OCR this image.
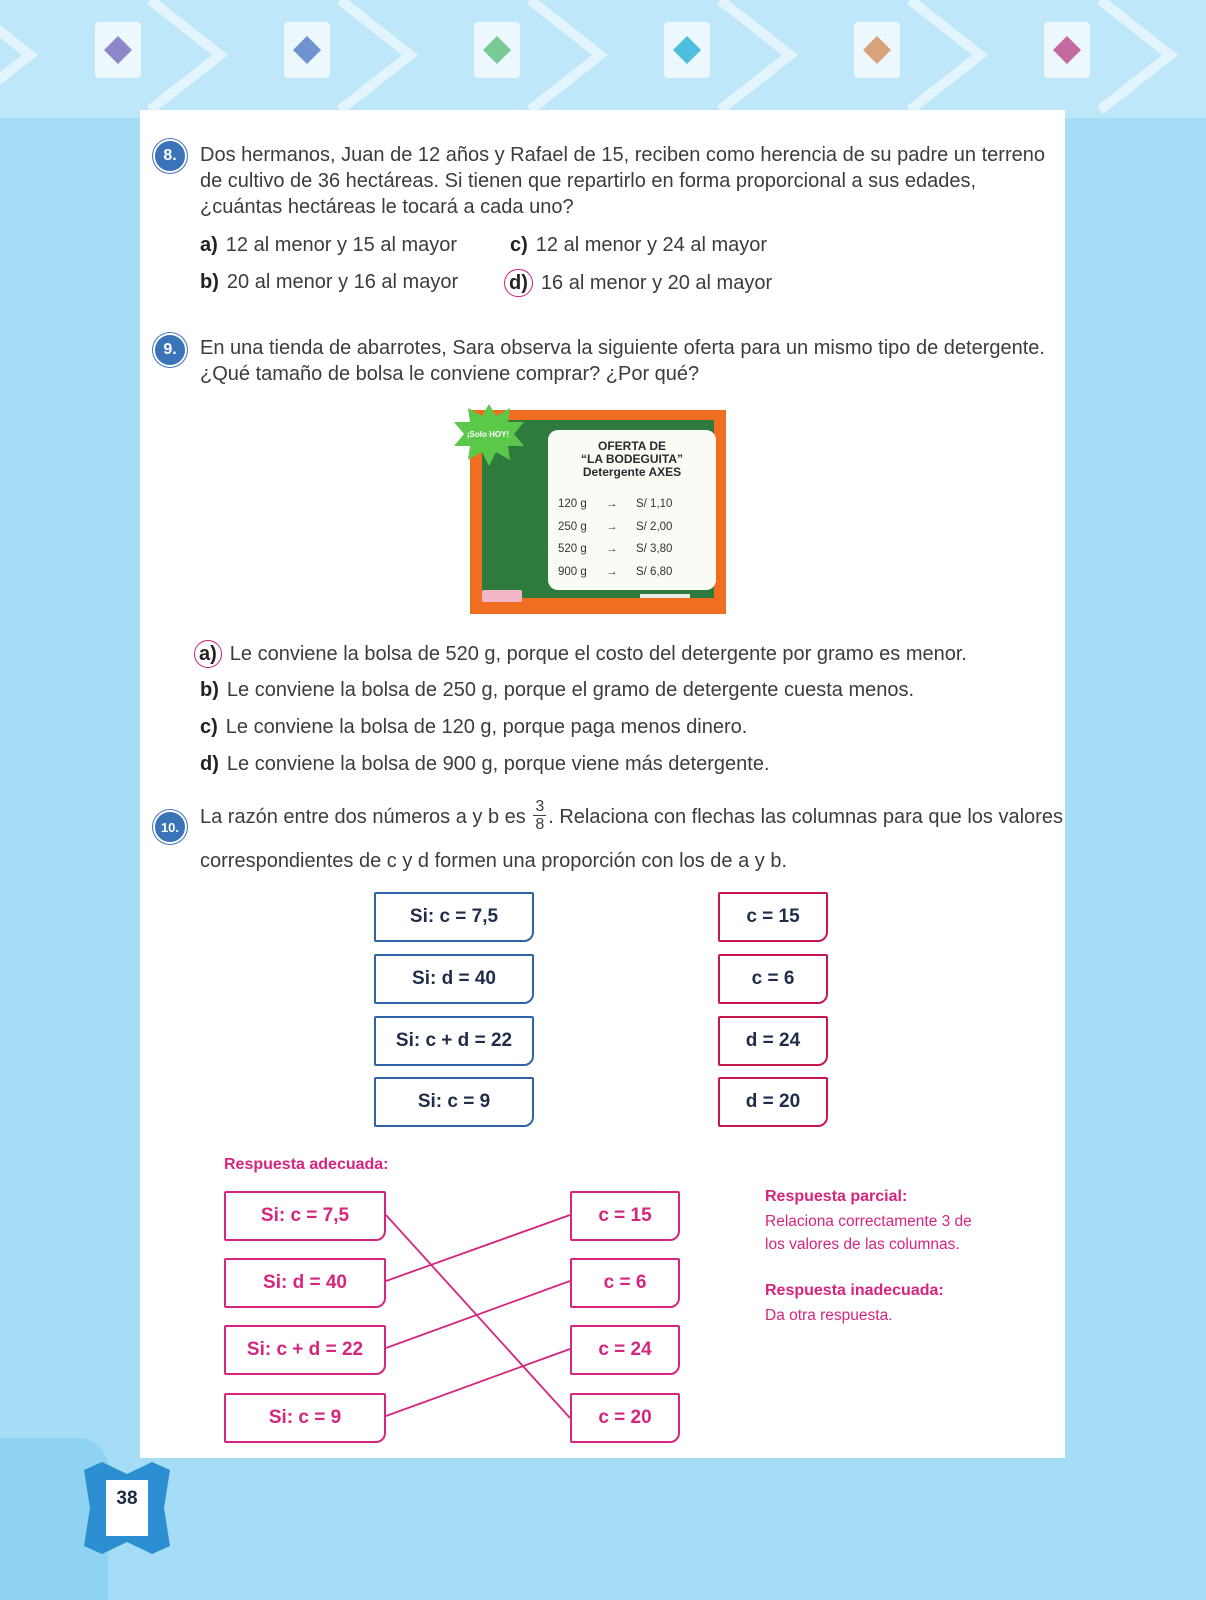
38
8.	Dos hermanos, Juan de 12 años y Rafael de 15, reciben como herencia de su padre un terreno de cultivo de 36 hectáreas. Si tienen que repartirlo en forma proporcional a sus edades, ¿cuántas hectáreas le tocará a cada uno?
a) 12 al menor y 15 al mayor
b) 20 al menor y 16 al mayor
c) 12 al menor y 24 al mayor
d) 16 al menor y 20 al mayor
9.	En una tienda de abarrotes, Sara observa la siguiente oferta para un mismo tipo de detergente. ¿Qué tamaño de bolsa le conviene comprar? ¿Por qué?
OFERTA DE
“LA BODEGUITA”
Detergente AXES
120 g → S/ 1,10
250 g → S/ 2,00
520 g → S/ 3,80
900 g → S/ 6,80
¡Solo HOY!
a) Le conviene la bolsa de 520 g, porque el costo del detergente por gramo es menor.
b) Le conviene la bolsa de 250 g, porque el gramo de detergente cuesta menos.
c) Le conviene la bolsa de 120 g, porque paga menos dinero.
d) Le conviene la bolsa de 900 g, porque viene más detergente.
10.	La razón entre dos números a y b es $\frac{3}{8}$ . Relaciona con flechas las columnas para que los valores
correspondientes de c y d formen una proporción con los de a y b.
Si: c = 7,5
Si: d = 40
Si: c + d = 22
Si: c = 9
c = 15
c = 6
d = 24
d = 20
Respuesta adecuada:
Si: c = 7,5
Si: d = 40
Si: c + d = 22
Si: c = 9
c = 15
c = 6
c = 24
c = 20
Respuesta parcial:
Relaciona correctamente 3 de
los valores de las columnas.
Respuesta inadecuada:
Da otra respuesta.
